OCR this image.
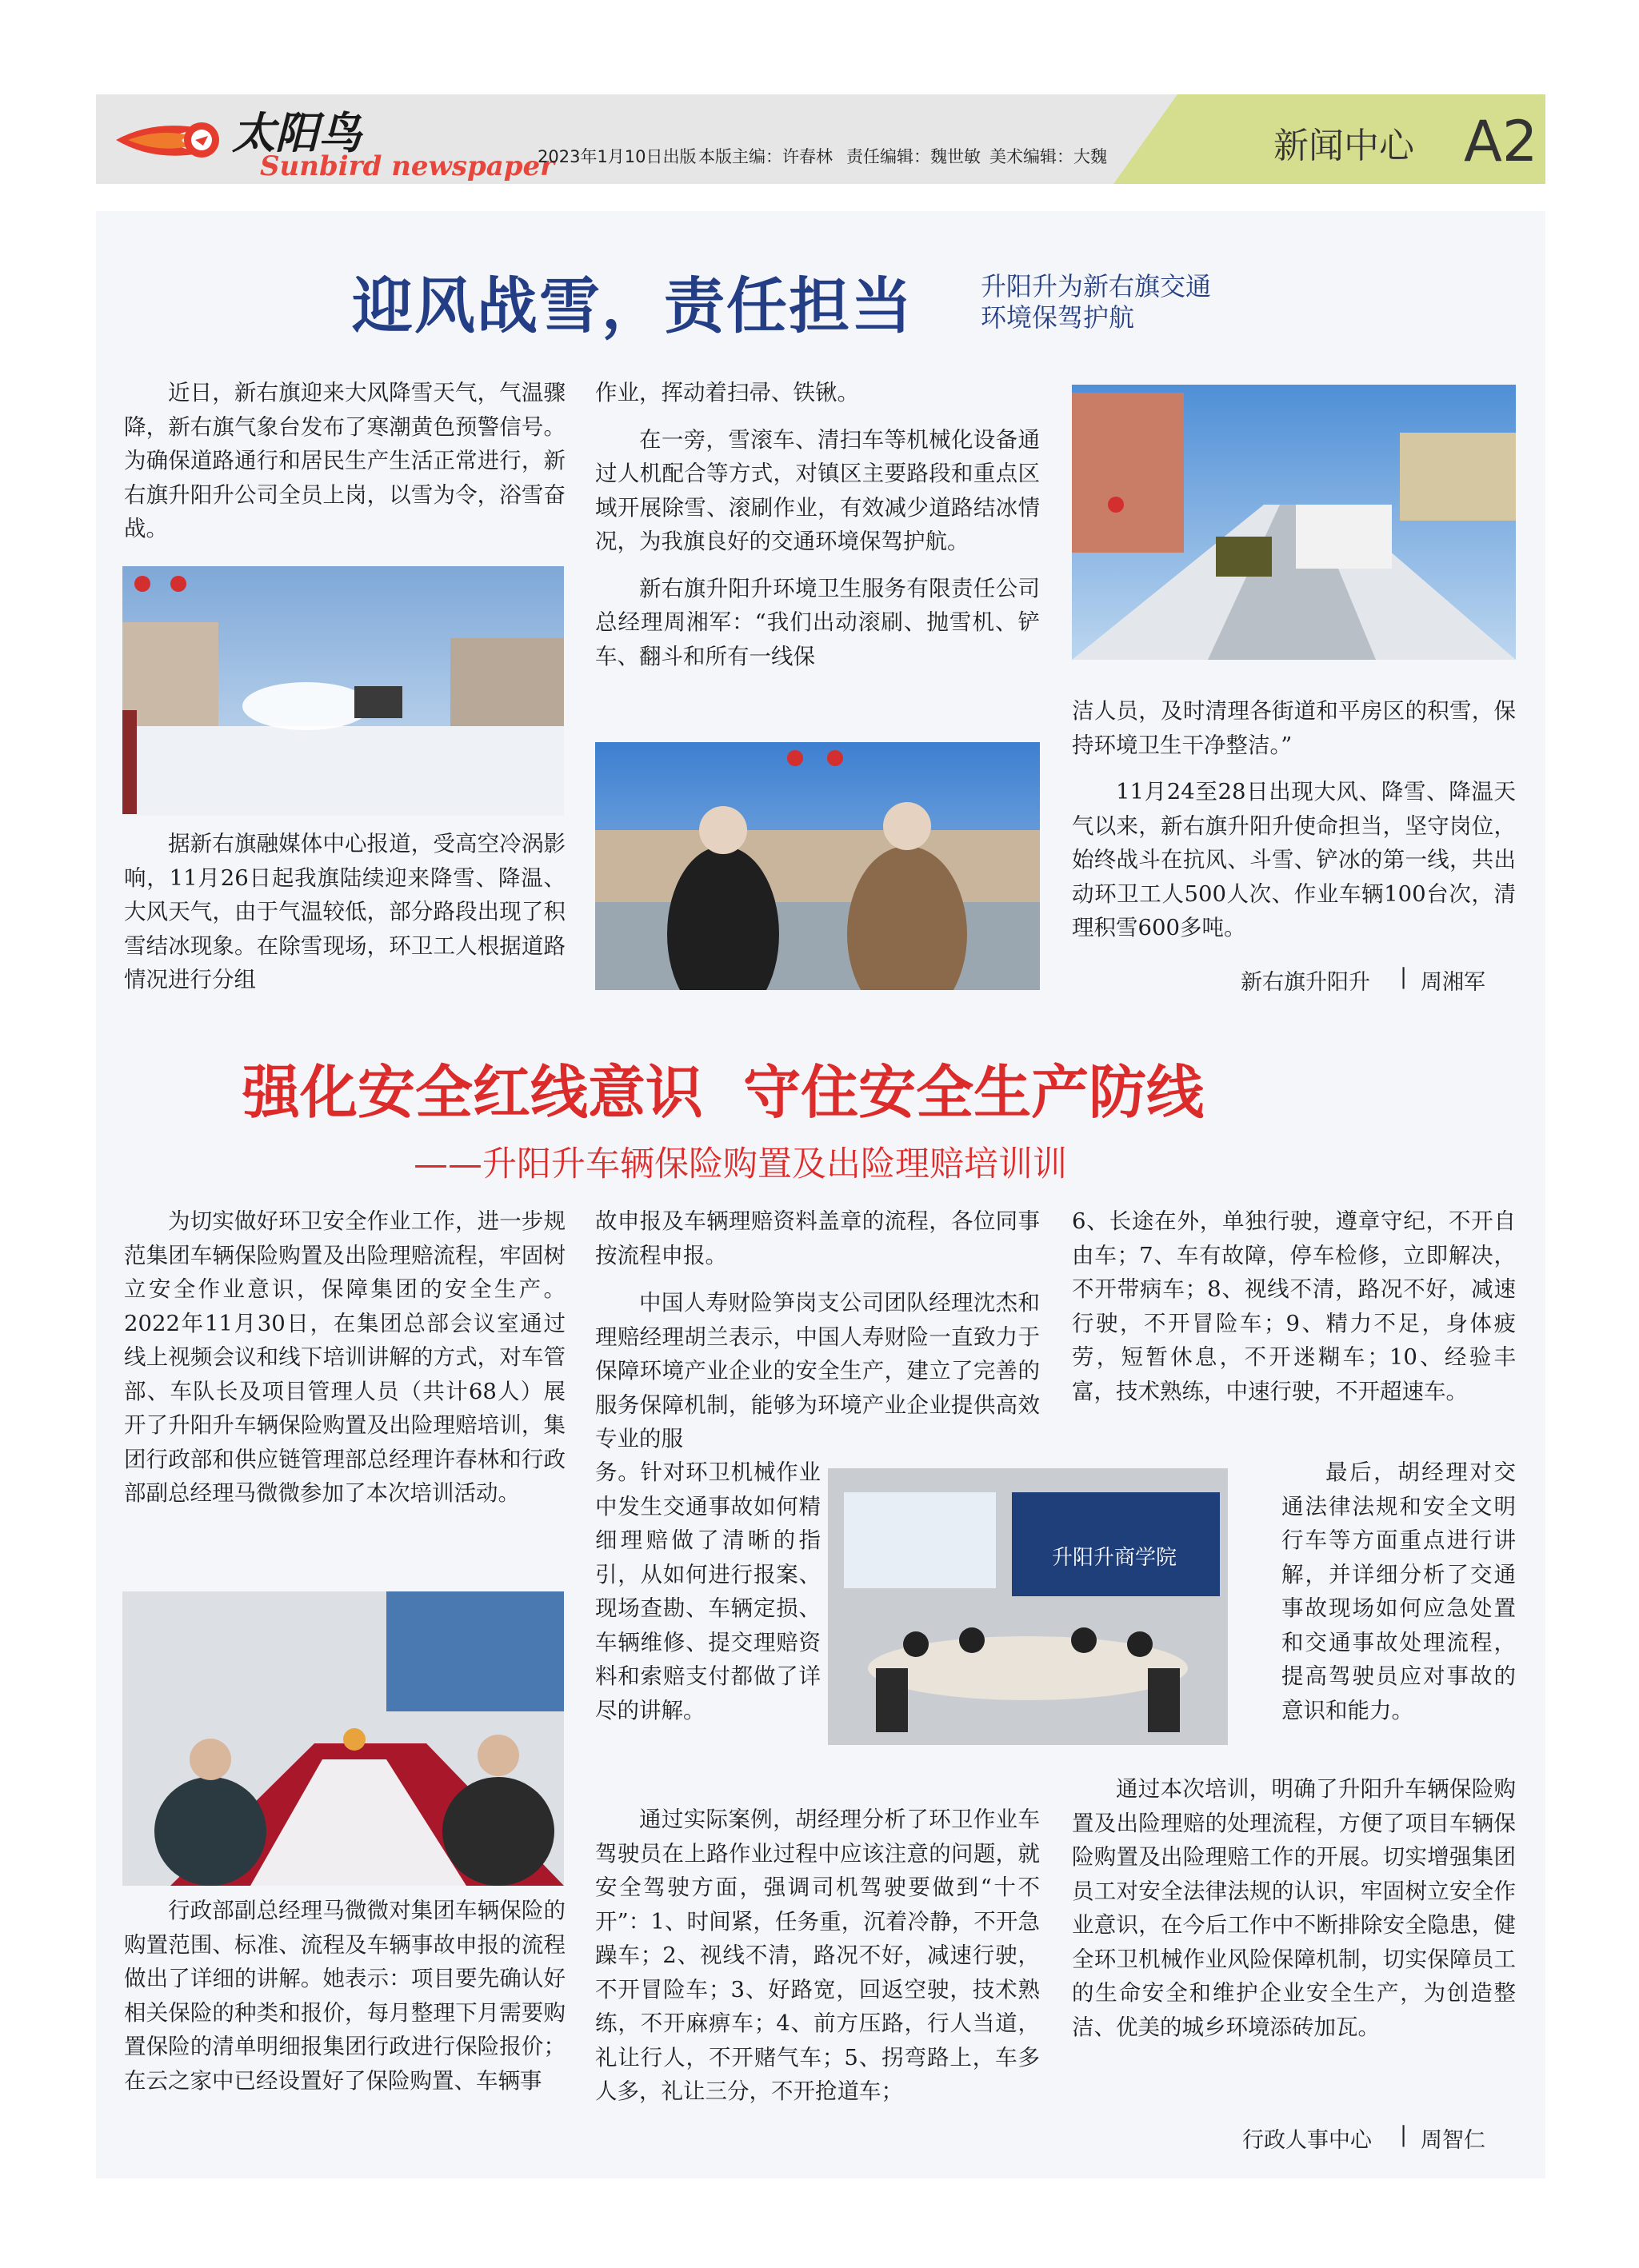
太阳鸟
Sunbird newspaper
2023年1月10日出版 本版主编：许春林 责任编辑：魏世敏 美术编辑：大魏	新闻中心 A2
迎风战雪，责任担当	升阳升为新右旗交通
环境保驾护航

近日，新右旗迎来大风降雪天气，气温骤降，新右旗气象台发布了寒潮黄色预警信号。为确保道路通行和居民生产生活正常进行，新右旗升阳升公司全员上岗，以雪为令，浴雪奋战。

据新右旗融媒体中心报道，受高空冷涡影响，11月26日起我旗陆续迎来降雪、降温、大风天气，由于气温较低，部分路段出现了积雪结冰现象。在除雪现场，环卫工人根据道路情况进行分组

作业，挥动着扫帚、铁锹。

在一旁，雪滚车、清扫车等机械化设备通过人机配合等方式，对镇区主要路段和重点区域开展除雪、滚刷作业，有效减少道路结冰情况，为我旗良好的交通环境保驾护航。

新右旗升阳升环境卫生服务有限责任公司总经理周湘军：“我们出动滚刷、抛雪机、铲车、翻斗和所有一线保

洁人员，及时清理各街道和平房区的积雪，保持环境卫生干净整洁。”

11月24至28日出现大风、降雪、降温天气以来，新右旗升阳升使命担当，坚守岗位，始终战斗在抗风、斗雪、铲冰的第一线，共出动环卫工人500人次、作业车辆100台次，清理积雪600多吨。

新右旗升阳升 | 周湘军
强化安全红线意识  守住安全生产防线
——升阳升车辆保险购置及出险理赔培训训

为切实做好环卫安全作业工作，进一步规范集团车辆保险购置及出险理赔流程，牢固树立安全作业意识，保障集团的安全生产。2022年11月30日，在集团总部会议室通过线上视频会议和线下培训讲解的方式，对车管部、车队长及项目管理人员（共计68人）展开了升阳升车辆保险购置及出险理赔培训，集团行政部和供应链管理部总经理许春林和行政部副总经理马微微参加了本次培训活动。

行政部副总经理马微微对集团车辆保险的购置范围、标准、流程及车辆事故申报的流程做出了详细的讲解。她表示：项目要先确认好相关保险的种类和报价，每月整理下月需要购置保险的清单明细报集团行政进行保险报价；在云之家中已经设置好了保险购置、车辆事

故申报及车辆理赔资料盖章的流程，各位同事按流程申报。

中国人寿财险笋岗支公司团队经理沈杰和理赔经理胡兰表示，中国人寿财险一直致力于保障环境产业企业的安全生产，建立了完善的服务保障机制，能够为环境产业企业提供高效专业的服

务。针对环卫机械作业中发生交通事故如何精细理赔做了清晰的指引，从如何进行报案、现场查勘、车辆定损、车辆维修、提交理赔资料和索赔支付都做了详尽的讲解。

升阳升商学院

通过实际案例，胡经理分析了环卫作业车驾驶员在上路作业过程中应该注意的问题，就安全驾驶方面，强调司机驾驶要做到“十不开”：1、时间紧，任务重，沉着冷静，不开急躁车；2、视线不清，路况不好，减速行驶，不开冒险车；3、好路宽，回返空驶，技术熟练，不开麻痹车；4、前方压路，行人当道，礼让行人，不开赌气车；5、拐弯路上，车多人多，礼让三分，不开抢道车；

6、长途在外，单独行驶，遵章守纪，不开自由车；7、车有故障，停车检修，立即解决，不开带病车；8、视线不清，路况不好，减速行驶，不开冒险车；9、精力不足，身体疲劳，短暂休息，不开迷糊车；10、经验丰富，技术熟练，中速行驶，不开超速车。

最后，胡经理对交通法律法规和安全文明行车等方面重点进行讲解，并详细分析了交通事故现场如何应急处置和交通事故处理流程，提高驾驶员应对事故的意识和能力。

通过本次培训，明确了升阳升车辆保险购置及出险理赔的处理流程，方便了项目车辆保险购置及出险理赔工作的开展。切实增强集团员工对安全法律法规的认识，牢固树立安全作业意识，在今后工作中不断排除安全隐患，健全环卫机械作业风险保障机制，切实保障员工的生命安全和维护企业安全生产，为创造整洁、优美的城乡环境添砖加瓦。

行政人事中心 | 周智仁
